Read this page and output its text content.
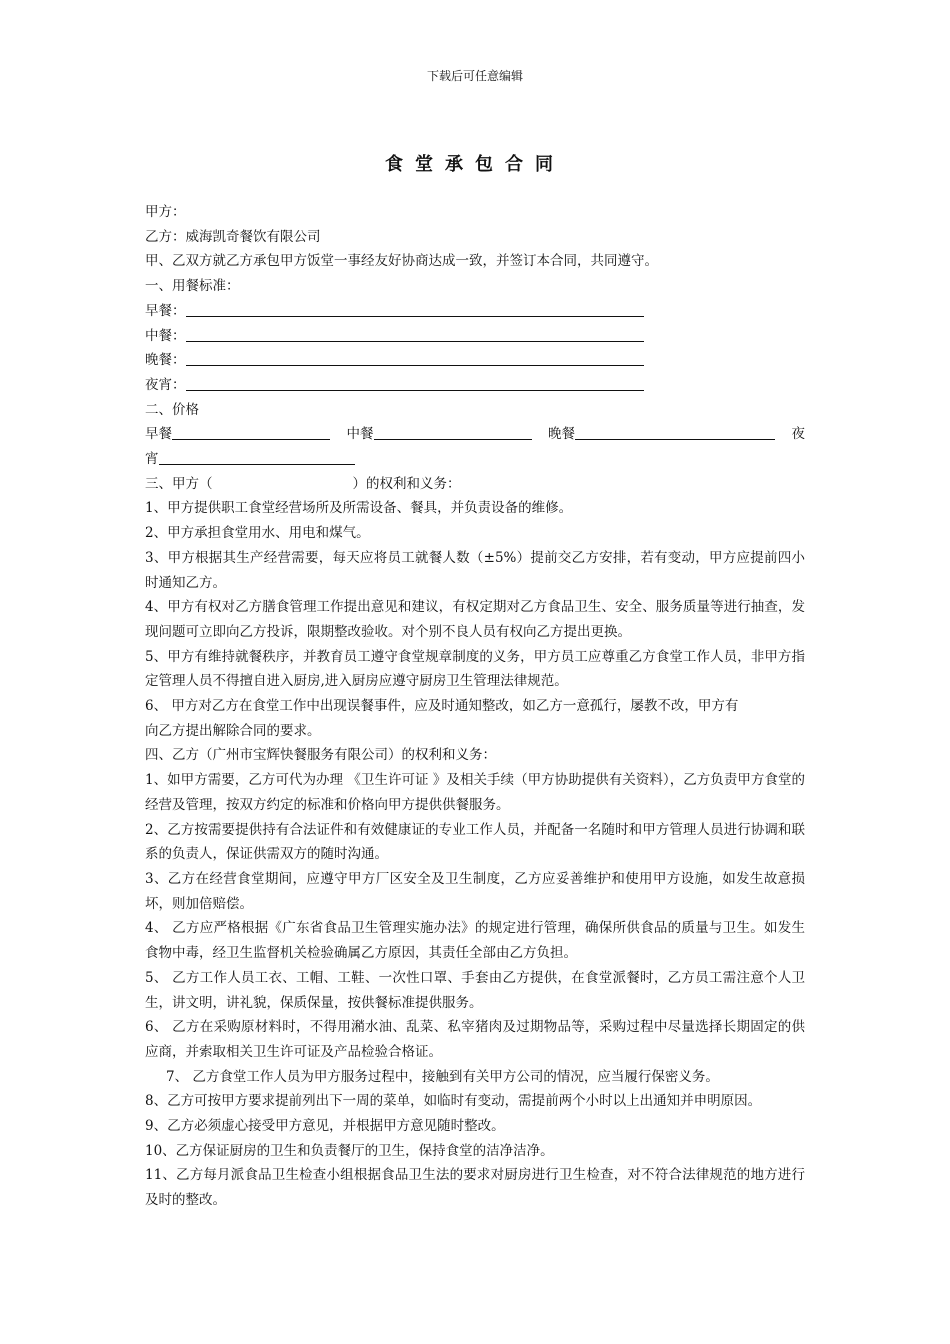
下载后可任意编辑
食堂承包合同
甲方：
乙方：威海凯奇餐饮有限公司
甲、乙双方就乙方承包甲方饭堂一事经友好协商达成一致，并签订本合同，共同遵守。
一、用餐标准：
早餐：
中餐：
晚餐：
夜宵：
二、价格
早餐	中餐	晚餐	夜
宵
三、甲方（	）的权利和义务：
1、甲方提供职工食堂经营场所及所需设备、餐具，并负责设备的维修。
2、甲方承担食堂用水、用电和煤气。
3、甲方根据其生产经营需要，每天应将员工就餐人数（±5%）提前交乙方安排，若有变动，甲方应提前四小时通知乙方。
4、甲方有权对乙方膳食管理工作提出意见和建议，有权定期对乙方食品卫生、安全、服务质量等进行抽查，发现问题可立即向乙方投诉，限期整改验收。对个别不良人员有权向乙方提出更换。
5、甲方有维持就餐秩序，并教育员工遵守食堂规章制度的义务，甲方员工应尊重乙方食堂工作人员，非甲方指定管理人员不得擅自进入厨房,进入厨房应遵守厨房卫生管理法律规范。
6、 甲方对乙方在食堂工作中出现误餐事件，应及时通知整改，如乙方一意孤行，屡教不改，甲方有
向乙方提出解除合同的要求。
四、乙方（广州市宝辉快餐服务有限公司）的权利和义务：
1、如甲方需要，乙方可代为办理 《卫生许可证 》及相关手续（甲方协助提供有关资料），乙方负责甲方食堂的经营及管理，按双方约定的标准和价格向甲方提供供餐服务。
2、乙方按需要提供持有合法证件和有效健康证的专业工作人员，并配备一名随时和甲方管理人员进行协调和联系的负责人，保证供需双方的随时沟通。
3、乙方在经营食堂期间，应遵守甲方厂区安全及卫生制度，乙方应妥善维护和使用甲方设施，如发生故意损坏，则加倍赔偿。
4、 乙方应严格根据《广东省食品卫生管理实施办法》的规定进行管理，确保所供食品的质量与卫生。如发生食物中毒，经卫生监督机关检验确属乙方原因，其责任全部由乙方负担。
5、 乙方工作人员工衣、工帽、工鞋、一次性口罩、手套由乙方提供，在食堂派餐时，乙方员工需注意个人卫生，讲文明，讲礼貌，保质保量，按供餐标准提供服务。
6、 乙方在采购原材料时，不得用潲水油、乱菜、私宰猪肉及过期物品等，采购过程中尽量选择长期固定的供应商，并索取相关卫生许可证及产品检验合格证。
7、 乙方食堂工作人员为甲方服务过程中，接触到有关甲方公司的情况，应当履行保密义务。
8、乙方可按甲方要求提前列出下一周的菜单，如临时有变动，需提前两个小时以上出通知并申明原因。
9、乙方必须虚心接受甲方意见，并根据甲方意见随时整改。
10、乙方保证厨房的卫生和负责餐厅的卫生，保持食堂的洁净洁净。
11、乙方每月派食品卫生检查小组根据食品卫生法的要求对厨房进行卫生检查，对不符合法律规范的地方进行及时的整改。
